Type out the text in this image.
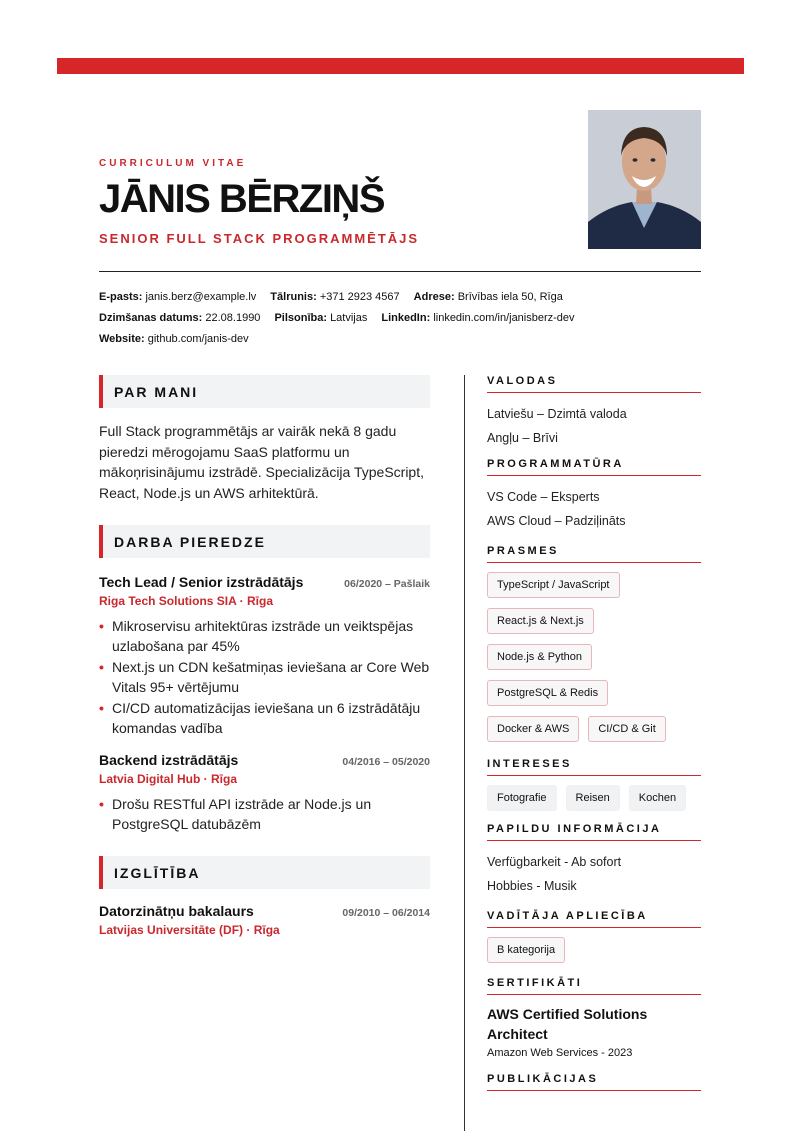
CURRICULUM VITAE
JĀNIS BĒRZIŅŠ
SENIOR FULL STACK PROGRAMMĒTĀJS
E-pasts: janis.berz@example.lv Tālrunis: +371 2923 4567 Adrese: Brīvības iela 50, Rīga
Dzimšanas datums: 22.08.1990 Pilsonība: Latvijas LinkedIn: linkedin.com/in/janisberz-dev
Website: github.com/janis-dev
PAR MANI
Full Stack programmētājs ar vairāk nekā 8 gadu pieredzi mērogojamu SaaS platformu un mākoņrisinājumu izstrādē. Specializācija TypeScript, React, Node.js un AWS arhitektūrā.
DARBA PIEREDZE
Tech Lead / Senior izstrādātājs	06/2020 – Pašlaik
Riga Tech Solutions SIA · Rīga
• Mikroservisu arhitektūras izstrāde un veiktspējas uzlabošana par 45%
• Next.js un CDN kešatmiņas ieviešana ar Core Web Vitals 95+ vērtējumu
• CI/CD automatizācijas ieviešana un 6 izstrādātāju komandas vadība
Backend izstrādātājs	04/2016 – 05/2020
Latvia Digital Hub · Rīga
• Drošu RESTful API izstrāde ar Node.js un PostgreSQL datubāzēm
IZGLĪTĪBA
Datorzinātņu bakalaurs	09/2010 – 06/2014
Latvijas Universitāte (DF) · Rīga
VALODAS
Latviešu – Dzimtā valoda
Angļu – Brīvi
PROGRAMMATŪRA
VS Code – Eksperts
AWS Cloud – Padziļināts
PRASMES
TypeScript / JavaScript
React.js & Next.js
Node.js & Python
PostgreSQL & Redis
Docker & AWS	CI/CD & Git
INTERESES
Fotografie	Reisen	Kochen
PAPILDU INFORMĀCIJA
Verfügbarkeit - Ab sofort
Hobbies - Musik
VADĪTĀJA APLIECĪBA
B kategorija
SERTIFIKĀTI
AWS Certified Solutions Architect
Amazon Web Services - 2023
PUBLIKĀCIJAS
